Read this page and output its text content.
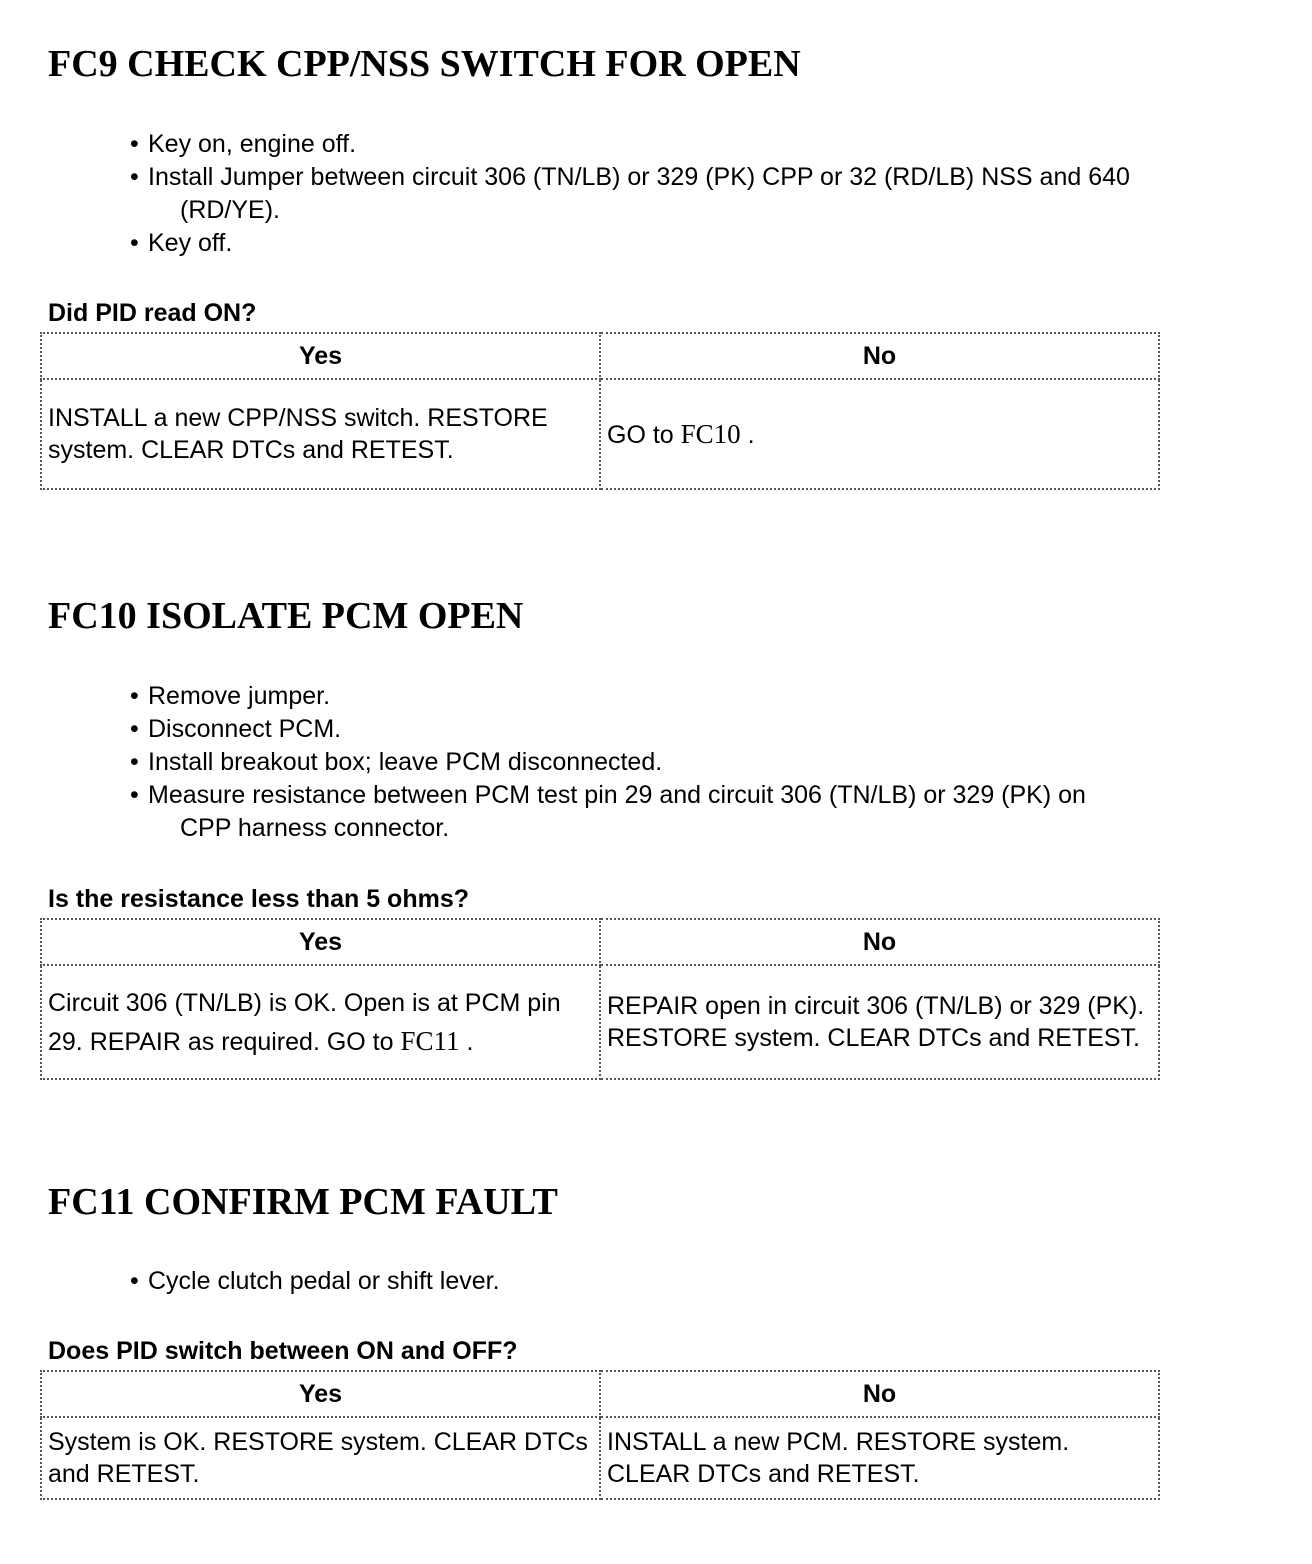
FC9 CHECK CPP/NSS SWITCH FOR OPEN
• Key on, engine off.
• Install Jumper between circuit 306 (TN/LB) or 329 (PK) CPP or 32 (RD/LB) NSS and 640
(RD/YE).
• Key off.

Did PID read ON?

Yes	No
INSTALL a new CPP/NSS switch. RESTORE system. CLEAR DTCs and RETEST.	GO to FC10 .
FC10 ISOLATE PCM OPEN
• Remove jumper.
• Disconnect PCM.
• Install breakout box; leave PCM disconnected.
• Measure resistance between PCM test pin 29 and circuit 306 (TN/LB) or 329 (PK) on
CPP harness connector.

Is the resistance less than 5 ohms?

Yes	No
Circuit 306 (TN/LB) is OK. Open is at PCM pin 29. REPAIR as required. GO to FC11 .	REPAIR open in circuit 306 (TN/LB) or 329 (PK). RESTORE system. CLEAR DTCs and RETEST.
FC11 CONFIRM PCM FAULT
• Cycle clutch pedal or shift lever.

Does PID switch between ON and OFF?

Yes	No
System is OK. RESTORE system. CLEAR DTCs and RETEST.	INSTALL a new PCM. RESTORE system. CLEAR DTCs and RETEST.
